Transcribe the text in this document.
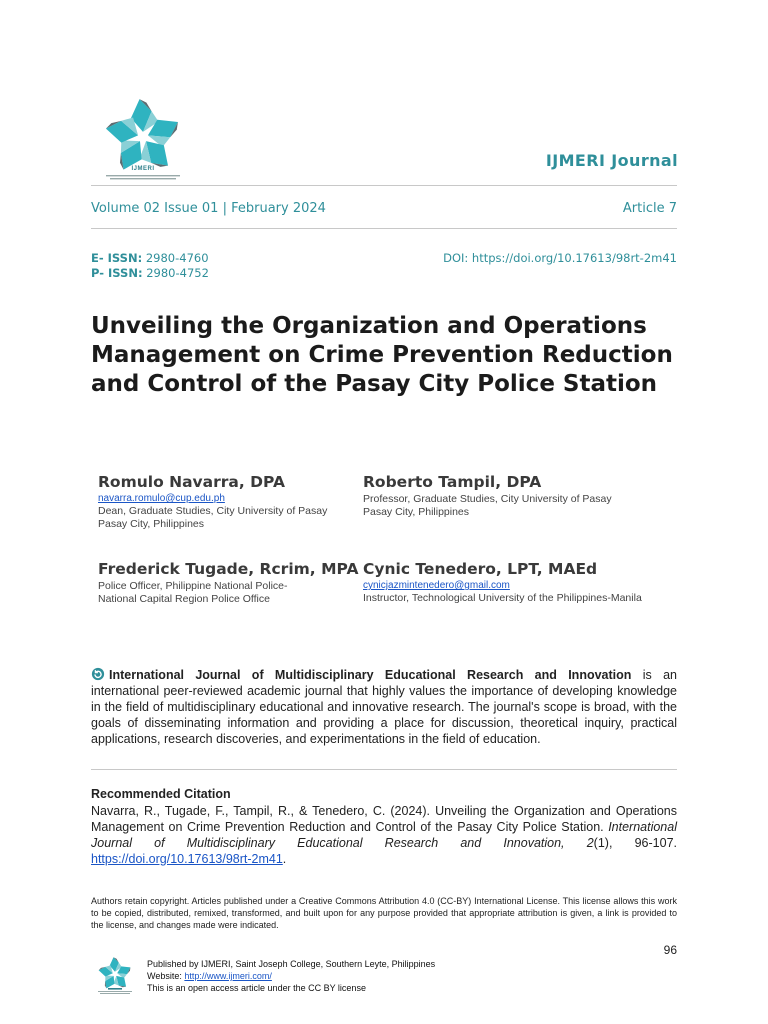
IJMERI	IJMERI Journal
Volume 02 Issue 01 | February 2024	Article 7
E- ISSN: 2980-4760
P- ISSN: 2980-4752
DOI: https://doi.org/10.17613/98rt-2m41
Unveiling the Organization and Operations Management on Crime Prevention Reduction and Control of the Pasay City Police Station
Romulo Navarra, DPA
navarra.romulo@cup.edu.ph
Dean, Graduate Studies, City University of Pasay
Pasay City, Philippines
Roberto Tampil, DPA
Professor, Graduate Studies, City University of Pasay
Pasay City, Philippines
Frederick Tugade, Rcrim, MPA
Police Officer, Philippine National Police-
National Capital Region Police Office
Cynic Tenedero, LPT, MAEd
cynicjazmintenedero@gmail.com
Instructor, Technological University of the Philippines-Manila

International Journal of Multidisciplinary Educational Research and Innovation is an international peer-reviewed academic journal that highly values the importance of developing knowledge in the field of multidisciplinary educational and innovative research. The journal's scope is broad, with the goals of disseminating information and providing a place for discussion, theoretical inquiry, practical applications, research discoveries, and experimentations in the field of education.

Recommended Citation

Navarra, R., Tugade, F., Tampil, R., & Tenedero, C. (2024). Unveiling the Organization and Operations Management on Crime Prevention Reduction and Control of the Pasay City Police Station. International Journal of Multidisciplinary Educational Research and Innovation, 2(1), 96-107. https://doi.org/10.17613/98rt-2m41.

Authors retain copyright. Articles published under a Creative Commons Attribution 4.0 (CC-BY) International License. This license allows this work to be copied, distributed, remixed, transformed, and built upon for any purpose provided that appropriate attribution is given, a link is provided to the license, and changes made were indicated.

96
Published by IJMERI, Saint Joseph College, Southern Leyte, Philippines
Website: http://www.ijmeri.com/
This is an open access article under the CC BY license
